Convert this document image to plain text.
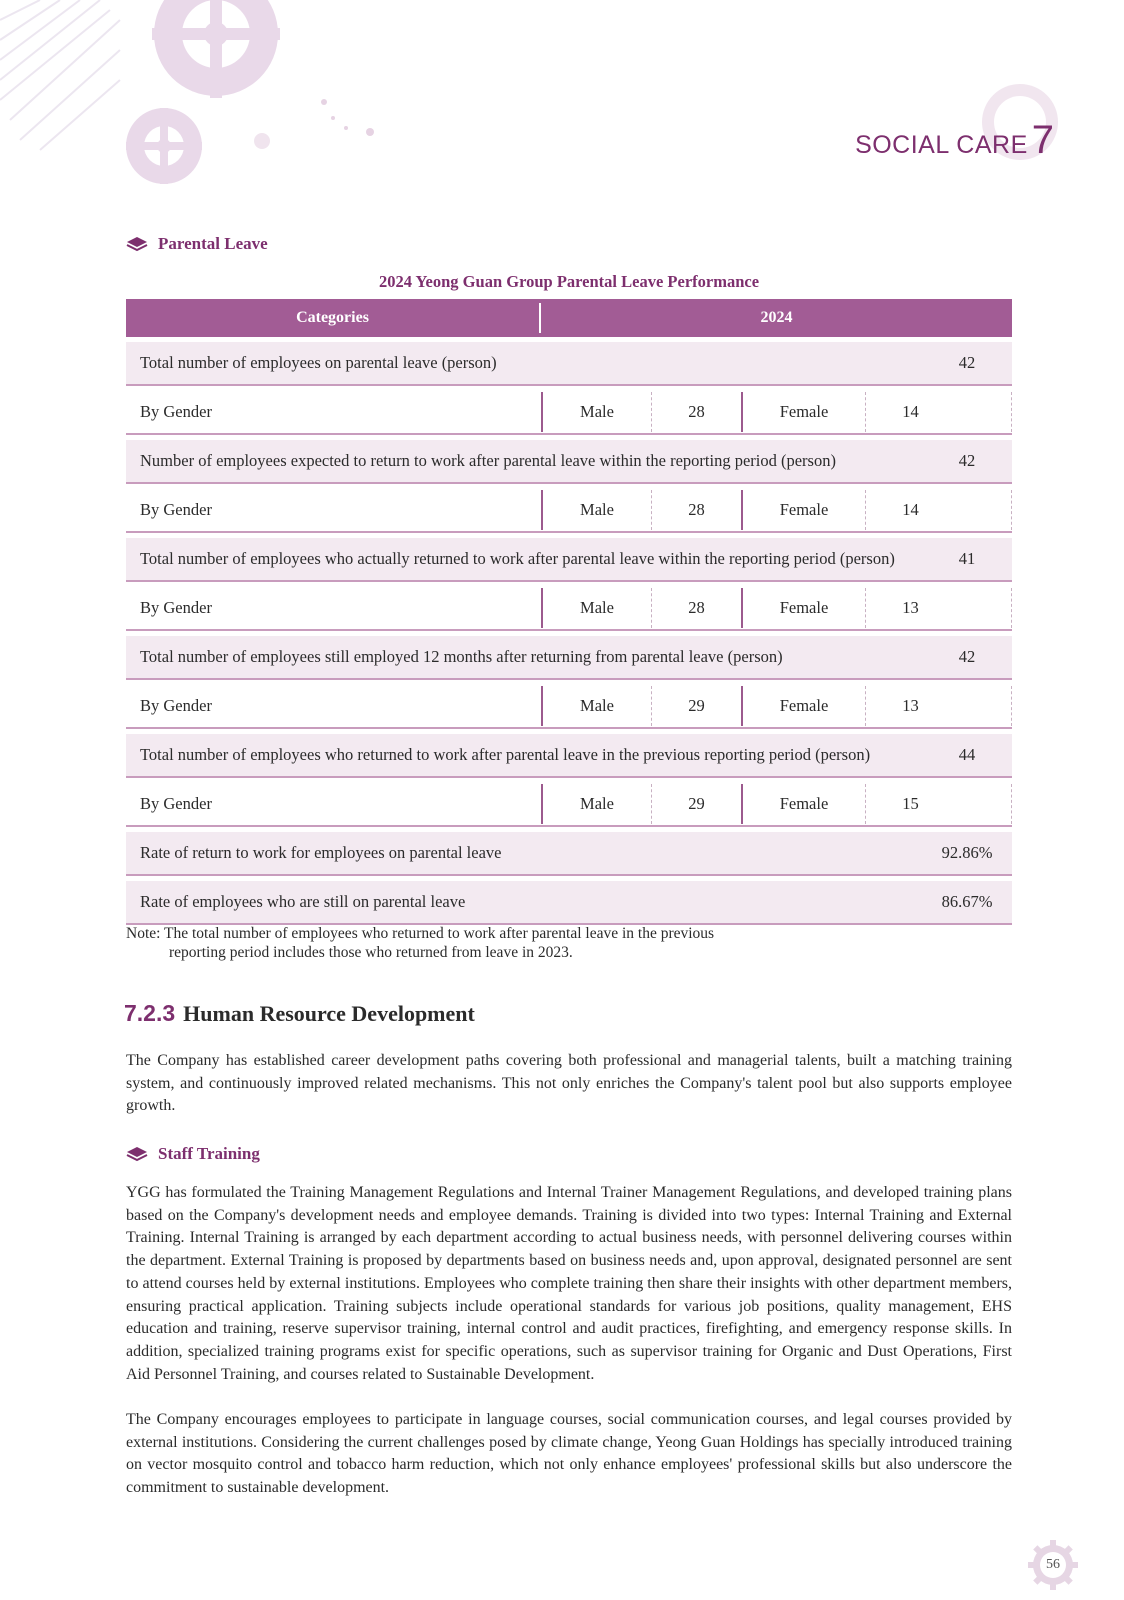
SOCIAL CARE 7
Parental Leave
2024 Yeong Guan Group Parental Leave Performance
Categories	2024
Total number of employees on parental leave (person)	42
By Gender	Male	28	Female	14
Number of employees expected to return to work after parental leave within the reporting period (person)	42
By Gender	Male	28	Female	14
Total number of employees who actually returned to work after parental leave within the reporting period (person)	41
By Gender	Male	28	Female	13
Total number of employees still employed 12 months after returning from parental leave (person)	42
By Gender	Male	29	Female	13
Total number of employees who returned to work after parental leave in the previous reporting period (person)	44
By Gender	Male	29	Female	15
Rate of return to work for employees on parental leave	92.86%
Rate of employees who are still on parental leave	86.67%
Note: The total number of employees who returned to work after parental leave in the previous
reporting period includes those who returned from leave in 2023.
7.2.3 Human Resource Development
The Company has established career development paths covering both professional and managerial talents, built a matching training system, and continuously improved related mechanisms. This not only enriches the Company's talent pool but also supports employee growth.
Staff Training
YGG has formulated the Training Management Regulations and Internal Trainer Management Regulations, and developed training plans based on the Company's development needs and employee demands. Training is divided into two types: Internal Training and External Training. Internal Training is arranged by each department according to actual business needs, with personnel delivering courses within the department. External Training is proposed by departments based on business needs and, upon approval, designated personnel are sent to attend courses held by external institutions. Employees who complete training then share their insights with other department members, ensuring practical application. Training subjects include operational standards for various job positions, quality management, EHS education and training, reserve supervisor training, internal control and audit practices, firefighting, and emergency response skills. In addition, specialized training programs exist for specific operations, such as supervisor training for Organic and Dust Operations, First Aid Personnel Training, and courses related to Sustainable Development.
The Company encourages employees to participate in language courses, social communication courses, and legal courses provided by external institutions. Considering the current challenges posed by climate change, Yeong Guan Holdings has specially introduced training on vector mosquito control and tobacco harm reduction, which not only enhance employees' professional skills but also underscore the commitment to sustainable development.
56
